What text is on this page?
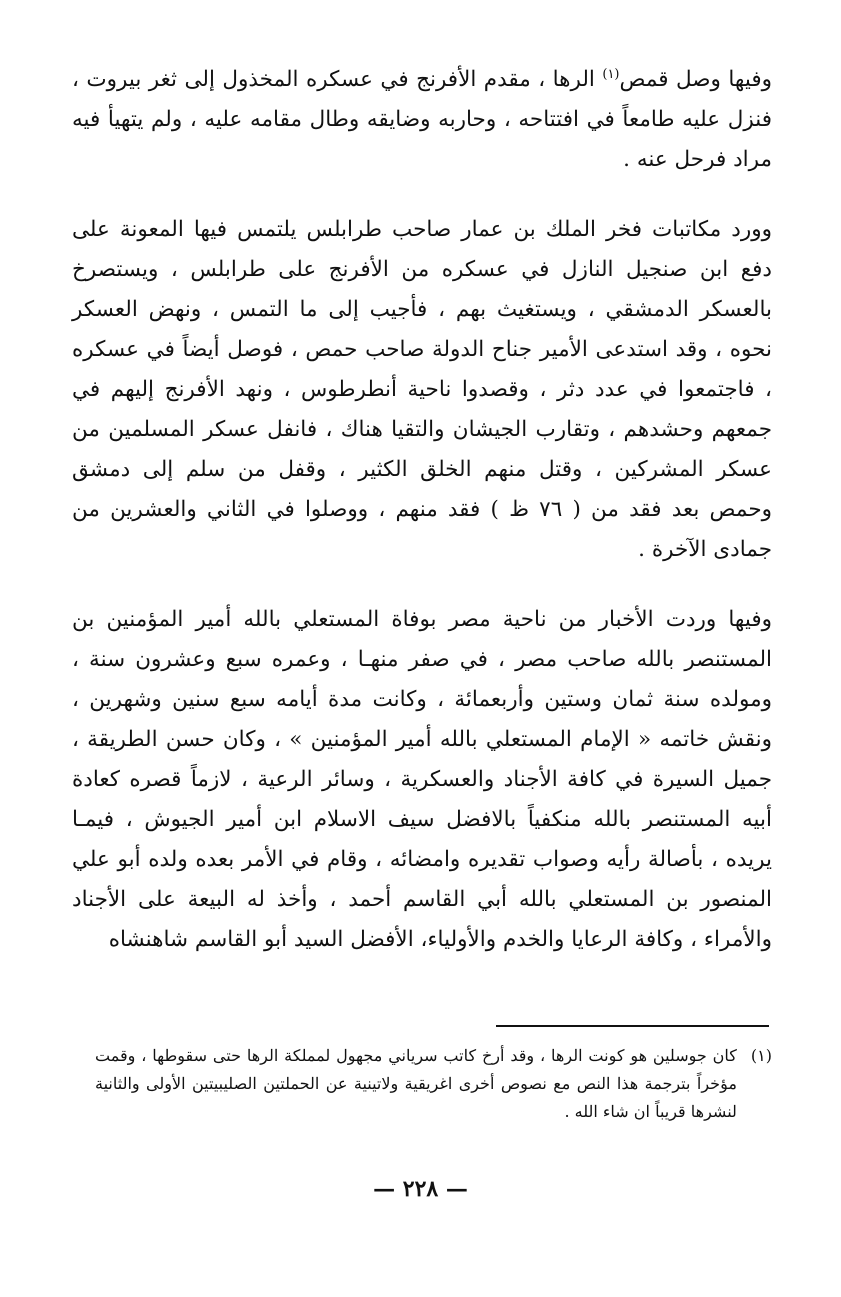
وفيها وصل قمص$^{(١)}$ الرها ، مقدم الأفرنج في عسكره المخذول إلى ثغر بيروت ، فنزل عليه طامعاً في افتتاحه ، وحاربه وضايقه وطال مقامه عليه ، ولم يتهيأ فيه مراد فرحل عنه .

وورد مكاتبات فخر الملك بن عمار صاحب طرابلس يلتمس فيها المعونة على دفع ابن صنجيل النازل في عسكره من الأفرنج على طرابلس ، ويستصرخ بالعسكر الدمشقي ، ويستغيث بهم ، فأجيب إلى ما التمس ، ونهض العسكر نحوه ، وقد استدعى الأمير جناح الدولة صاحب حمص ، فوصل أيضاً في عسكره ، فاجتمعوا في عدد دثر ، وقصدوا ناحية أنطرطوس ، ونهد الأفرنج إليهم في جمعهم وحشدهم ، وتقارب الجيشان والتقيا هناك ، فانفل عسكر المسلمين من عسكر المشركين ، وقتل منهم الخلق الكثير ، وقفل من سلم إلى دمشق وحمص بعد فقد من ( ٧٦ ظ ) فقد منهم ، ووصلوا في الثاني والعشرين من جمادى الآخرة .

وفيها وردت الأخبار من ناحية مصر بوفاة المستعلي بالله أمير المؤمنين بن المستنصر بالله صاحب مصر ، في صفر منهـا ، وعمره سبع وعشرون سنة ، ومولده سنة ثمان وستين وأربعمائة ، وكانت مدة أيامه سبع سنين وشهرين ، ونقش خاتمه « الإمام المستعلي بالله أمير المؤمنين » ، وكان حسن الطريقة ، جميل السيرة في كافة الأجناد والعسكرية ، وسائر الرعية ، لازماً قصره كعادة أبيه المستنصر بالله منكفياً بالافضل سيف الاسلام ابن أمير الجيوش ، فيمـا يريده ، بأصالة رأيه وصواب تقديره وامضائه ، وقام في الأمر بعده ولده أبو علي المنصور بن المستعلي بالله أبي القاسم أحمد ، وأخذ له البيعة على الأجناد والأمراء ، وكافة الرعايا والخدم والأولياء، الأفضل السيد أبو القاسم شاهنشاه

(١)
كان جوسلين هو كونت الرها ، وقد أرخ كاتب سرياني مجهول لمملكة الرها حتى سقوطها ، وقمت مؤخراً بترجمة هذا النص مع نصوص أخرى اغريقية ولاتينية عن الحملتين الصليبيتين الأولى والثانية لنشرها قريباً ان شاء الله .
— ٢٢٨ —
